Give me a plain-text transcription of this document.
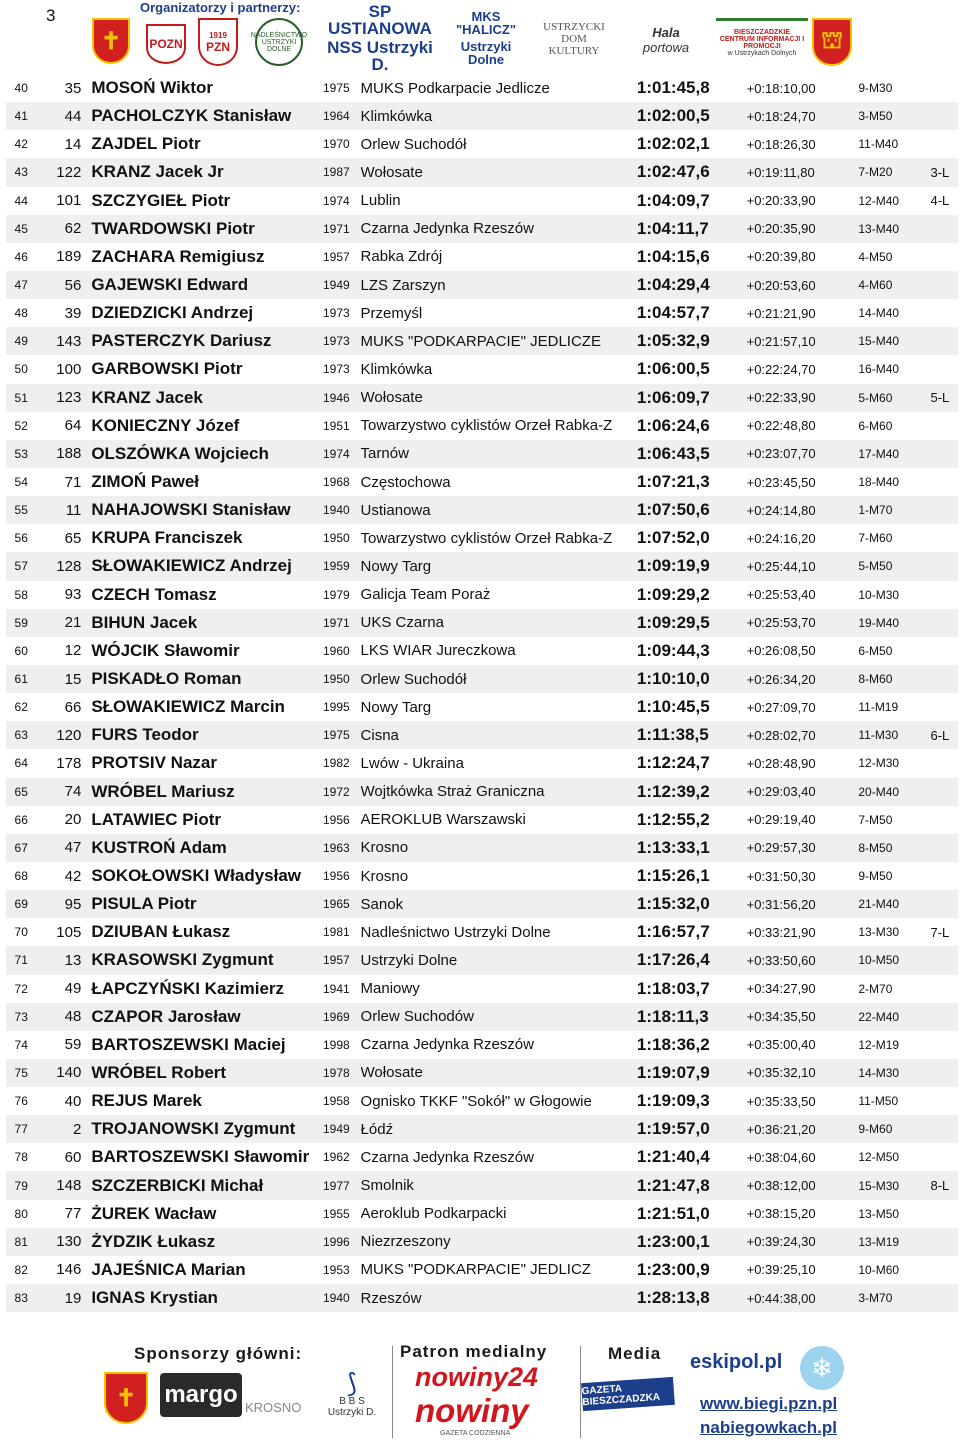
3	Organizatorzy i partnerzy:
✝	POZN
1919
PZN
NADLEŚNICTWO USTRZYKI DOLNE
SP USTIANOWA
NSS Ustrzyki D.
MKS "HALICZ"
Ustrzyki Dolne
USTRZYCKI
DOM
KULTURY
Hala
portowa
BIESZCZADZKIE CENTRUM INFORMACJI I PROMOCJI
w Ustrzykach Dolnych	⛫
40	35	MOSOŃ Wiktor	1975	MUKS Podkarpacie Jedlicze	1:01:45,8	+0:18:10,00	9-M30	
41	44	PACHOLCZYK Stanisław	1964	Klimkówka	1:02:00,5	+0:18:24,70	3-M50	
42	14	ZAJDEL Piotr	1970	Orlew Suchodół	1:02:02,1	+0:18:26,30	11-M40	
43	122	KRANZ Jacek Jr	1987	Wołosate	1:02:47,6	+0:19:11,80	7-M20	3-L
44	101	SZCZYGIEŁ Piotr	1974	Lublin	1:04:09,7	+0:20:33,90	12-M40	4-L
45	62	TWARDOWSKI Piotr	1971	Czarna Jedynka Rzeszów	1:04:11,7	+0:20:35,90	13-M40	
46	189	ZACHARA Remigiusz	1957	Rabka Zdrój	1:04:15,6	+0:20:39,80	4-M50	
47	56	GAJEWSKI Edward	1949	LZS Zarszyn	1:04:29,4	+0:20:53,60	4-M60	
48	39	DZIEDZICKI Andrzej	1973	Przemyśl	1:04:57,7	+0:21:21,90	14-M40	
49	143	PASTERCZYK Dariusz	1973	MUKS "PODKARPACIE" JEDLICZE	1:05:32,9	+0:21:57,10	15-M40	
50	100	GARBOWSKI Piotr	1973	Klimkówka	1:06:00,5	+0:22:24,70	16-M40	
51	123	KRANZ Jacek	1946	Wołosate	1:06:09,7	+0:22:33,90	5-M60	5-L
52	64	KONIECZNY Józef	1951	Towarzystwo cyklistów Orzeł Rabka-Z	1:06:24,6	+0:22:48,80	6-M60	
53	188	OLSZÓWKA Wojciech	1974	Tarnów	1:06:43,5	+0:23:07,70	17-M40	
54	71	ZIMOŃ Paweł	1968	Częstochowa	1:07:21,3	+0:23:45,50	18-M40	
55	11	NAHAJOWSKI Stanisław	1940	Ustianowa	1:07:50,6	+0:24:14,80	1-M70	
56	65	KRUPA Franciszek	1950	Towarzystwo cyklistów Orzeł Rabka-Z	1:07:52,0	+0:24:16,20	7-M60	
57	128	SŁOWAKIEWICZ Andrzej	1959	Nowy Targ	1:09:19,9	+0:25:44,10	5-M50	
58	93	CZECH Tomasz	1979	Galicja Team Poraż	1:09:29,2	+0:25:53,40	10-M30	
59	21	BIHUN Jacek	1971	UKS Czarna	1:09:29,5	+0:25:53,70	19-M40	
60	12	WÓJCIK Sławomir	1960	LKS WIAR Jureczkowa	1:09:44,3	+0:26:08,50	6-M50	
61	15	PISKADŁO Roman	1950	Orlew Suchodół	1:10:10,0	+0:26:34,20	8-M60	
62	66	SŁOWAKIEWICZ Marcin	1995	Nowy Targ	1:10:45,5	+0:27:09,70	11-M19	
63	120	FURS Teodor	1975	Cisna	1:11:38,5	+0:28:02,70	11-M30	6-L
64	178	PROTSIV Nazar	1982	Lwów - Ukraina	1:12:24,7	+0:28:48,90	12-M30	
65	74	WRÓBEL Mariusz	1972	Wojtkówka Straż Graniczna	1:12:39,2	+0:29:03,40	20-M40	
66	20	LATAWIEC Piotr	1956	AEROKLUB Warszawski	1:12:55,2	+0:29:19,40	7-M50	
67	47	KUSTROŃ Adam	1963	Krosno	1:13:33,1	+0:29:57,30	8-M50	
68	42	SOKOŁOWSKI Władysław	1956	Krosno	1:15:26,1	+0:31:50,30	9-M50	
69	95	PISULA Piotr	1965	Sanok	1:15:32,0	+0:31:56,20	21-M40	
70	105	DZIUBAN Łukasz	1981	Nadleśnictwo Ustrzyki Dolne	1:16:57,7	+0:33:21,90	13-M30	7-L
71	13	KRASOWSKI Zygmunt	1957	Ustrzyki Dolne	1:17:26,4	+0:33:50,60	10-M50	
72	49	ŁAPCZYŃSKI Kazimierz	1941	Maniowy	1:18:03,7	+0:34:27,90	2-M70	
73	48	CZAPOR Jarosław	1969	Orlew Suchodów	1:18:11,3	+0:34:35,50	22-M40	
74	59	BARTOSZEWSKI Maciej	1998	Czarna Jedynka Rzeszów	1:18:36,2	+0:35:00,40	12-M19	
75	140	WRÓBEL Robert	1978	Wołosate	1:19:07,9	+0:35:32,10	14-M30	
76	40	REJUS Marek	1958	Ognisko TKKF "Sokół" w Głogowie	1:19:09,3	+0:35:33,50	11-M50	
77	2	TROJANOWSKI Zygmunt	1949	Łódź	1:19:57,0	+0:36:21,20	9-M60	
78	60	BARTOSZEWSKI Sławomir	1962	Czarna Jedynka Rzeszów	1:21:40,4	+0:38:04,60	12-M50	
79	148	SZCZERBICKI Michał	1977	Smolnik	1:21:47,8	+0:38:12,00	15-M30	8-L
80	77	ŻUREK Wacław	1955	Aeroklub Podkarpacki	1:21:51,0	+0:38:15,20	13-M50	
81	130	ŻYDZIK Łukasz	1996	Niezrzeszony	1:23:00,1	+0:39:24,30	13-M19	
82	146	JAJEŚNICA Marian	1953	MUKS "PODKARPACIE" JEDLICZ	1:23:00,9	+0:39:25,10	10-M60	
83	19	IGNAS Krystian	1940	Rzeszów	1:28:13,8	+0:44:38,00	3-M70	
Sponsorzy główni:
✝	margo KROSNO
⟆
B B S
Ustrzyki D.
Patron medialny
nowiny24
nowiny
GAZETA CODZIENNA
Media
GAZETA BIESZCZADZKA
eskipol.pl	❄
www.biegi.pzn.pl
nabiegowkach.pl
